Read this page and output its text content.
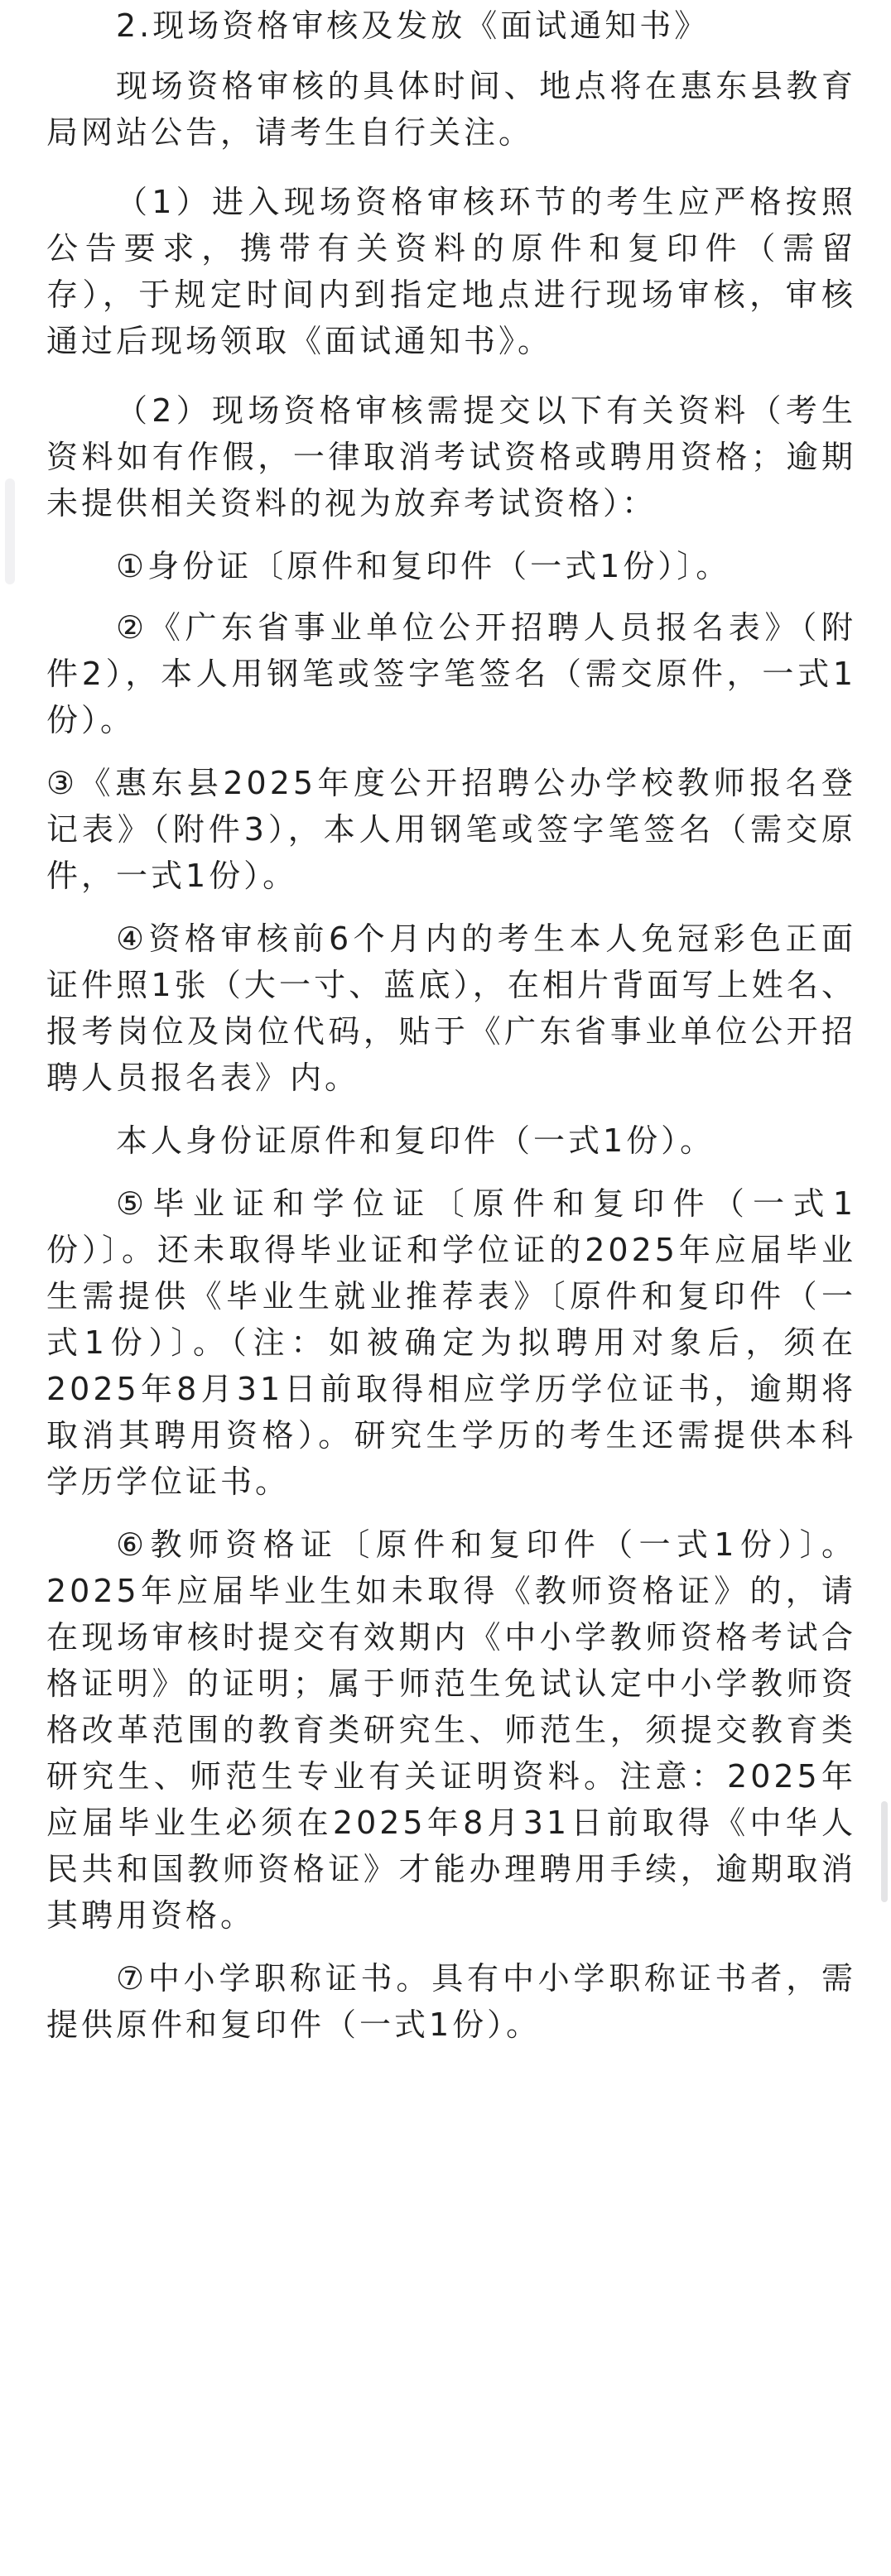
2.现场资格审核及发放《面试通知书》

现场资格审核的具体时间、地点将在惠东县教育局网站公告，请考生自行关注。

（1）进入现场资格审核环节的考生应严格按照公告要求，携带有关资料的原件和复印件（需留存），于规定时间内到指定地点进行现场审核，审核通过后现场领取《面试通知书》。

（2）现场资格审核需提交以下有关资料（考生资料如有作假，一律取消考试资格或聘用资格；逾期未提供相关资料的视为放弃考试资格）：

①身份证〔原件和复印件（一式1份）〕。

②《广东省事业单位公开招聘人员报名表》（附件2），本人用钢笔或签字笔签名（需交原件，一式1份）。

③《惠东县2025年度公开招聘公办学校教师报名登记表》（附件3），本人用钢笔或签字笔签名（需交原件，一式1份）。

④资格审核前6个月内的考生本人免冠彩色正面证件照1张（大一寸、蓝底），在相片背面写上姓名、报考岗位及岗位代码，贴于《广东省事业单位公开招聘人员报名表》内。

本人身份证原件和复印件（一式1份）。

⑤毕业证和学位证〔原件和复印件（一式1份）〕。还未取得毕业证和学位证的2025年应届毕业生需提供《毕业生就业推荐表》〔原件和复印件（一式1份）〕。（注：如被确定为拟聘用对象后，须在2025年8月31日前取得相应学历学位证书，逾期将取消其聘用资格）。研究生学历的考生还需提供本科学历学位证书。

⑥教师资格证〔原件和复印件（一式1份）〕。2025年应届毕业生如未取得《教师资格证》的，请在现场审核时提交有效期内《中小学教师资格考试合格证明》的证明；属于师范生免试认定中小学教师资格改革范围的教育类研究生、师范生，须提交教育类研究生、师范生专业有关证明资料。注意：2025年应届毕业生必须在2025年8月31日前取得《中华人民共和国教师资格证》才能办理聘用手续，逾期取消其聘用资格。

⑦中小学职称证书。具有中小学职称证书者，需提供原件和复印件（一式1份）。
